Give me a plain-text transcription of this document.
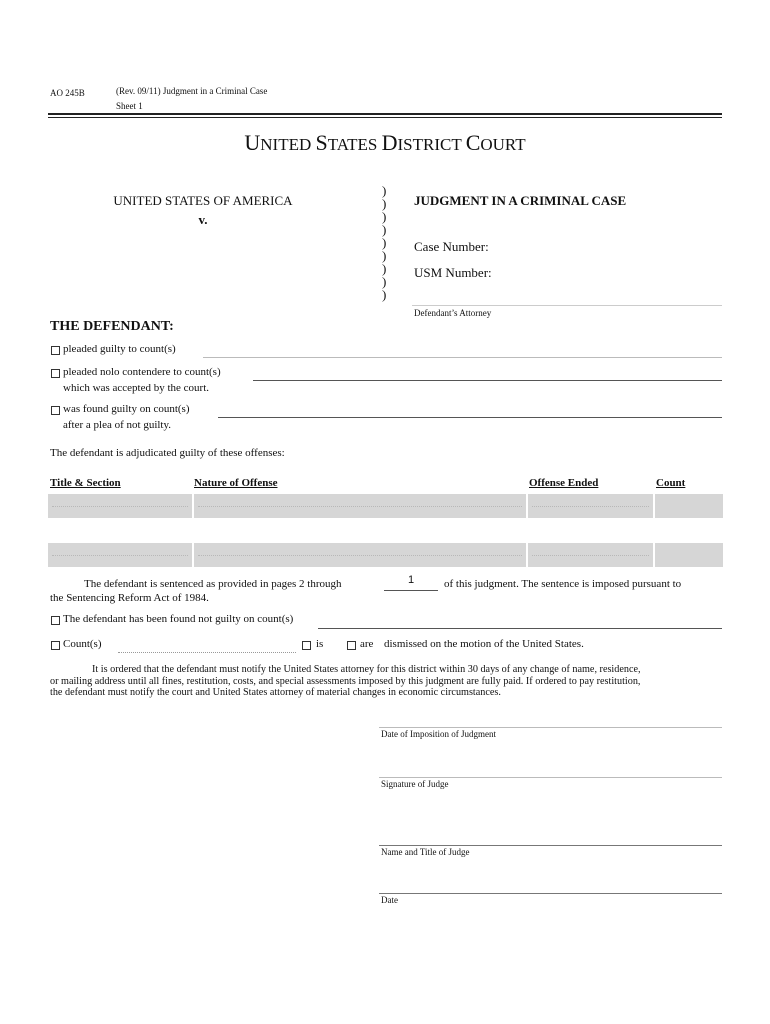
AO 245B	(Rev. 09/11) Judgment in a Criminal Case
Sheet 1
UNITED STATES DISTRICT COURT
UNITED STATES OF AMERICA
v.
)
)
)
)
)
)
)
)
)
JUDGMENT IN A CRIMINAL CASE
Case Number:
USM Number:
Defendant’s Attorney
THE DEFENDANT:
pleaded guilty to count(s)
pleaded nolo contendere to count(s)
which was accepted by the court.
was found guilty on count(s)
after a plea of not guilty.
The defendant is adjudicated guilty of these offenses:
Title & Section	Nature of Offense	Offense Ended	Count
The defendant is sentenced as provided in pages 2 through	1	of this judgment. The sentence is imposed pursuant to
the Sentencing Reform Act of 1984.
The defendant has been found not guilty on count(s)
Count(s)	is	are dismissed on the motion of the United States.
It is ordered that the defendant must notify the United States attorney for this district within 30 days of any change of name, residence,
or mailing address until all fines, restitution, costs, and special assessments imposed by this judgment are fully paid. If ordered to pay restitution,
the defendant must notify the court and United States attorney of material changes in economic circumstances.
Date of Imposition of Judgment
Signature of Judge
Name and Title of Judge
Date
